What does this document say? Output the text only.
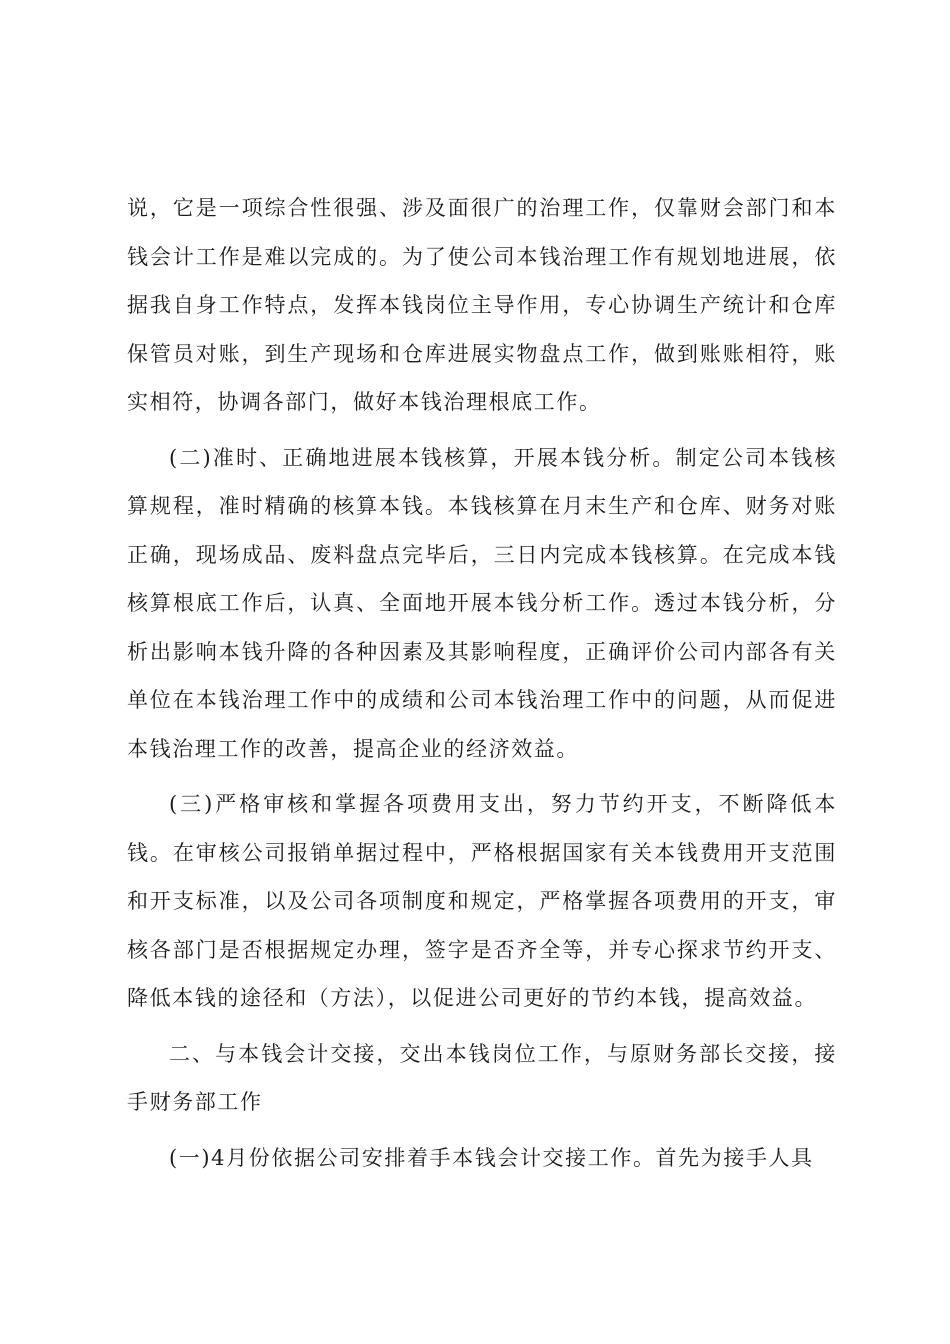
说，它是一项综合性很强、涉及面很广的治理工作，仅靠财会部门和本钱会计工作是难以完成的。为了使公司本钱治理工作有规划地进展，依据我自身工作特点，发挥本钱岗位主导作用，专心协调生产统计和仓库保管员对账，到生产现场和仓库进展实物盘点工作，做到账账相符，账实相符，协调各部门，做好本钱治理根底工作。

(二)准时、正确地进展本钱核算，开展本钱分析。制定公司本钱核算规程，准时精确的核算本钱。本钱核算在月末生产和仓库、财务对账正确，现场成品、废料盘点完毕后，三日内完成本钱核算。在完成本钱核算根底工作后，认真、全面地开展本钱分析工作。透过本钱分析，分析出影响本钱升降的各种因素及其影响程度，正确评价公司内部各有关单位在本钱治理工作中的成绩和公司本钱治理工作中的问题，从而促进本钱治理工作的改善，提高企业的经济效益。

(三)严格审核和掌握各项费用支出，努力节约开支，不断降低本钱。在审核公司报销单据过程中，严格根据国家有关本钱费用开支范围和开支标准，以及公司各项制度和规定，严格掌握各项费用的开支，审核各部门是否根据规定办理，签字是否齐全等，并专心探求节约开支、降低本钱的途径和（方法），以促进公司更好的节约本钱，提高效益。

二、与本钱会计交接，交出本钱岗位工作，与原财务部长交接，接手财务部工作

(一)4月份依据公司安排着手本钱会计交接工作。首先为接手人具
